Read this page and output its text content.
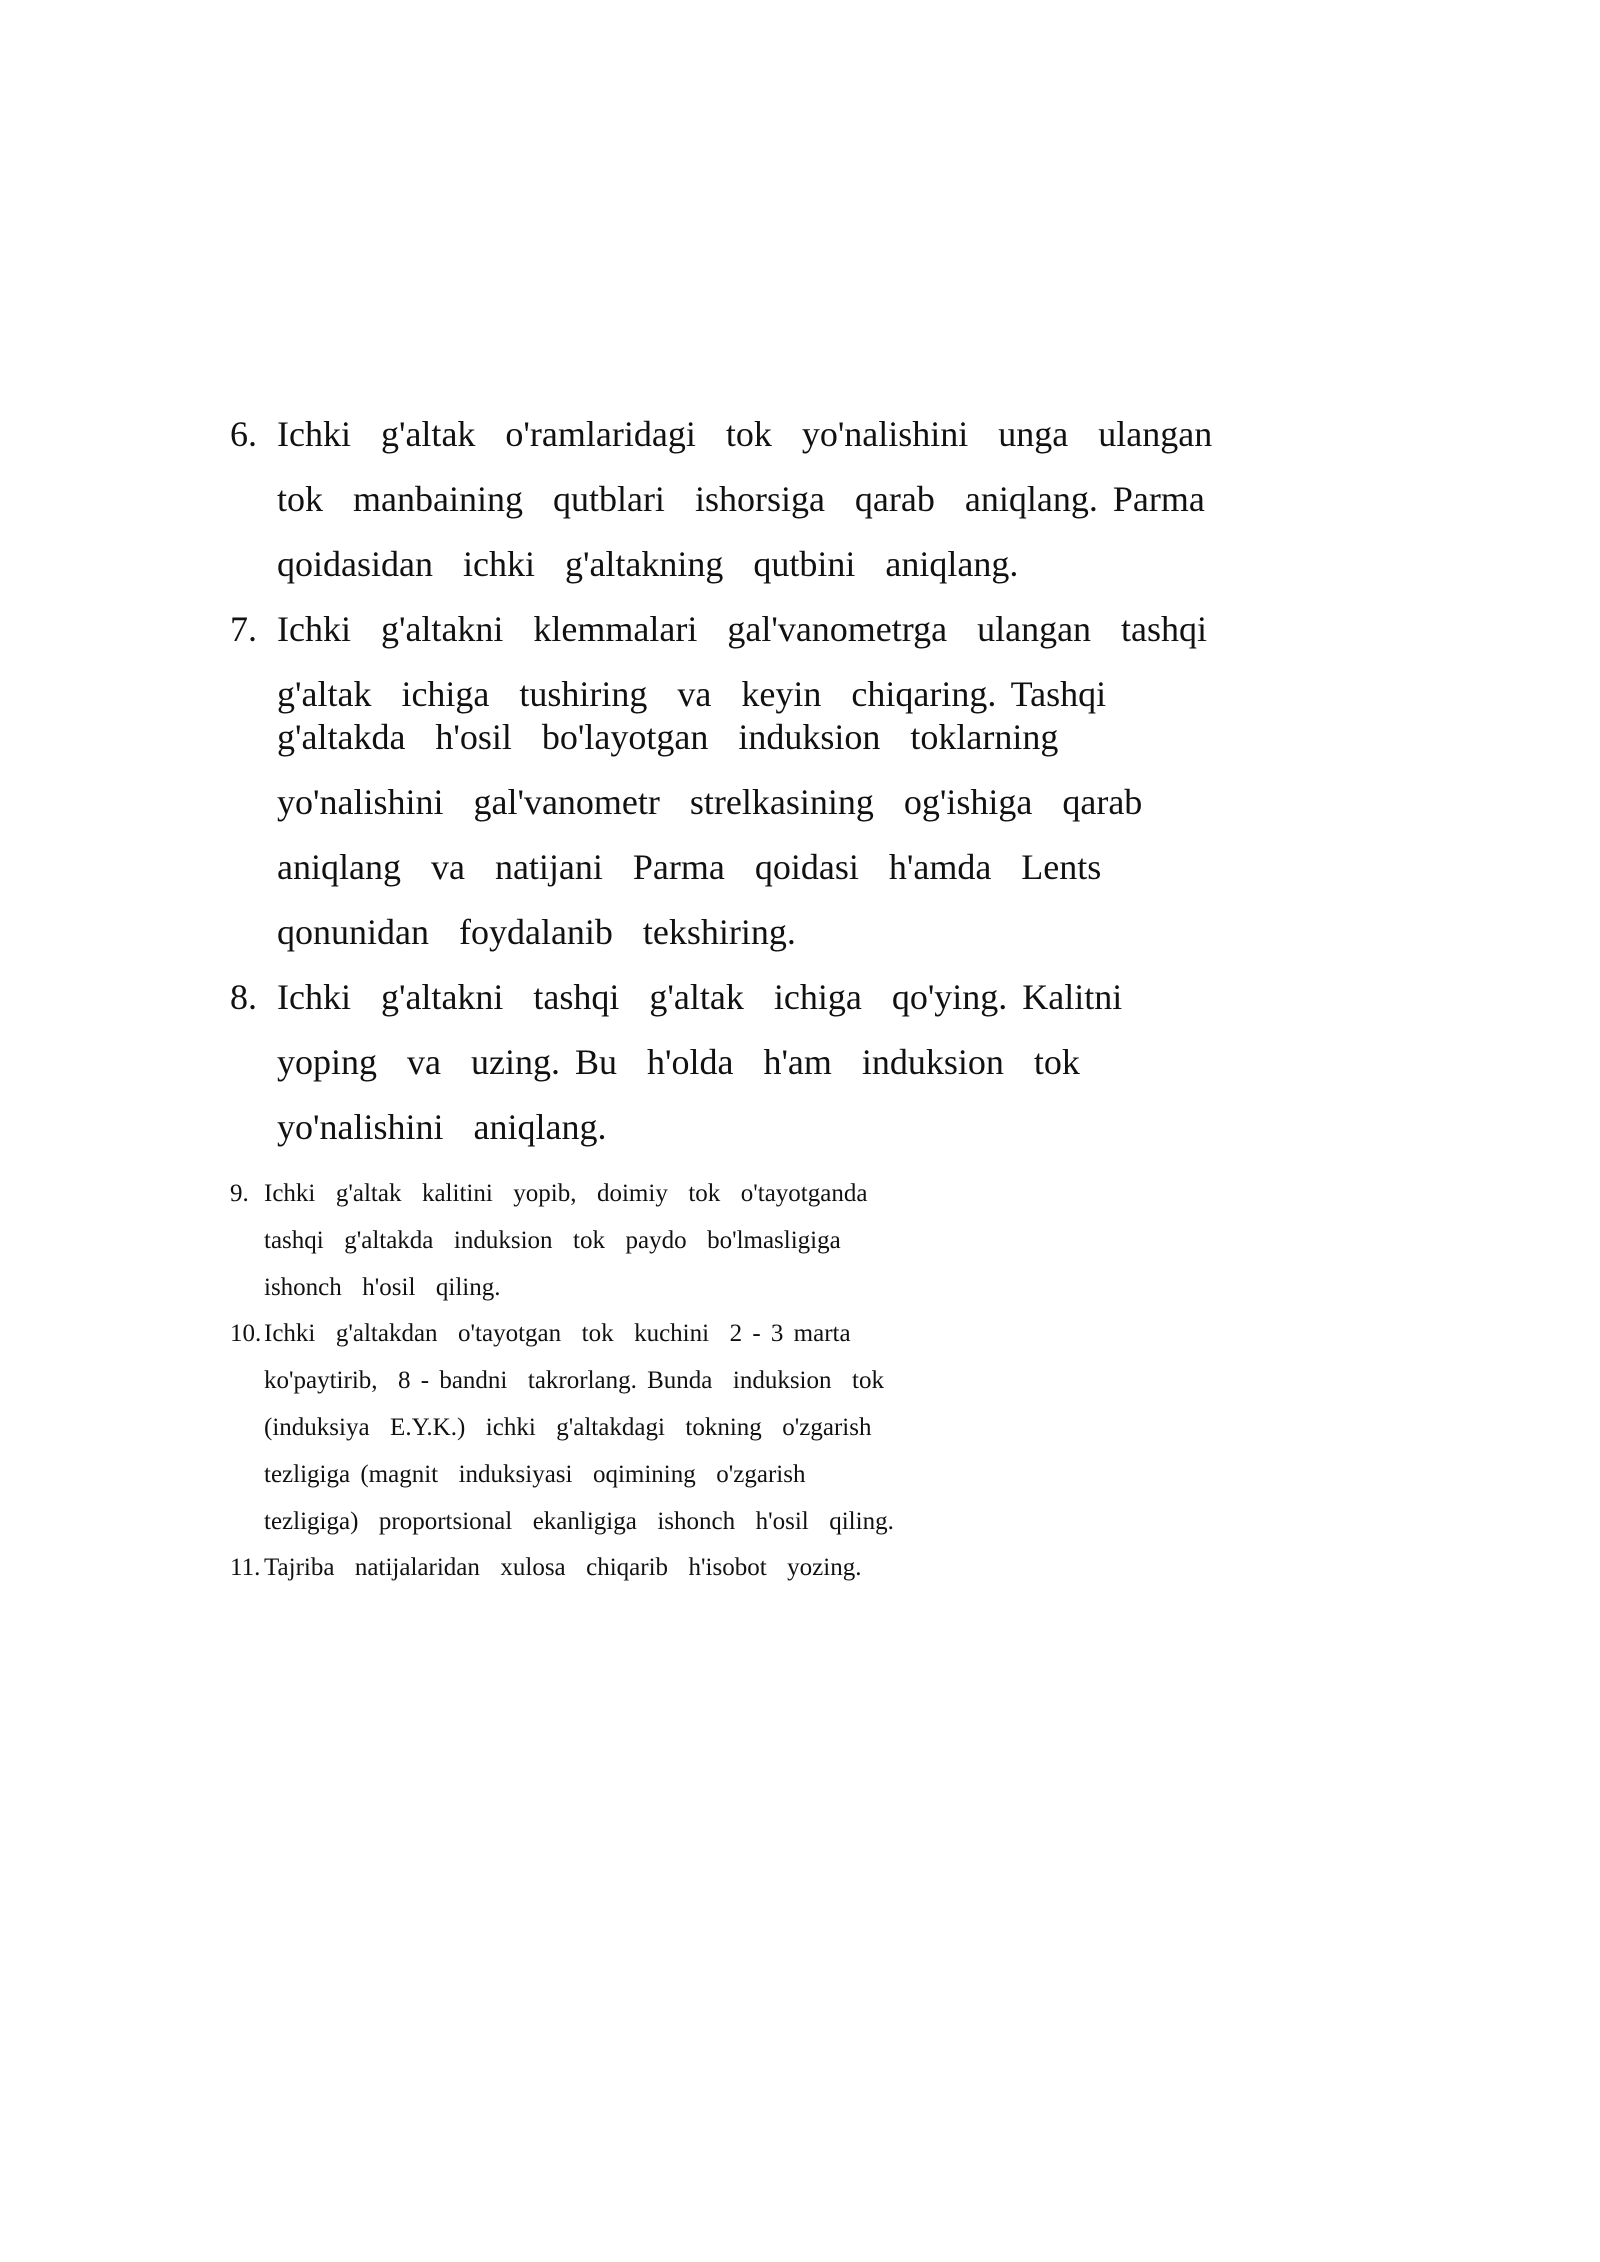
6. Ichki  g'altak  o'ramlaridagi  tok  yo'nalishini  unga  ulangan
tok  manbaining  qutblari  ishorsiga  qarab  aniqlang. Parma
qoidasidan  ichki  g'altakning  qutbini  aniqlang.
7. Ichki  g'altakni  klemmalari  gal'vanometrga  ulangan  tashqi
g'altak  ichiga  tushiring  va  keyin  chiqaring. Tashqi
g'altakda  h'osil  bo'layotgan  induksion  toklarning
yo'nalishini  gal'vanometr  strelkasining  og'ishiga  qarab
aniqlang  va  natijani  Parma  qoidasi  h'amda  Lents
qonunidan  foydalanib  tekshiring.
8. Ichki  g'altakni  tashqi  g'altak  ichiga  qo'ying. Kalitni
yoping  va  uzing. Bu  h'olda  h'am  induksion  tok
yo'nalishini  aniqlang.
9. Ichki  g'altak  kalitini  yopib,  doimiy  tok  o'tayotganda
tashqi  g'altakda  induksion  tok  paydo  bo'lmasligiga
ishonch  h'osil  qiling.
10. Ichki  g'altakdan  o'tayotgan  tok  kuchini  2 - 3 marta
ko'paytirib,  8 - bandni  takrorlang. Bunda  induksion  tok
(induksiya  E.Y.K.)  ichki  g'altakdagi  tokning  o'zgarish
tezligiga (magnit  induksiyasi  oqimining  o'zgarish
tezligiga)  proportsional  ekanligiga  ishonch  h'osil  qiling.
11. Tajriba  natijalaridan  xulosa  chiqarib  h'isobot  yozing.
